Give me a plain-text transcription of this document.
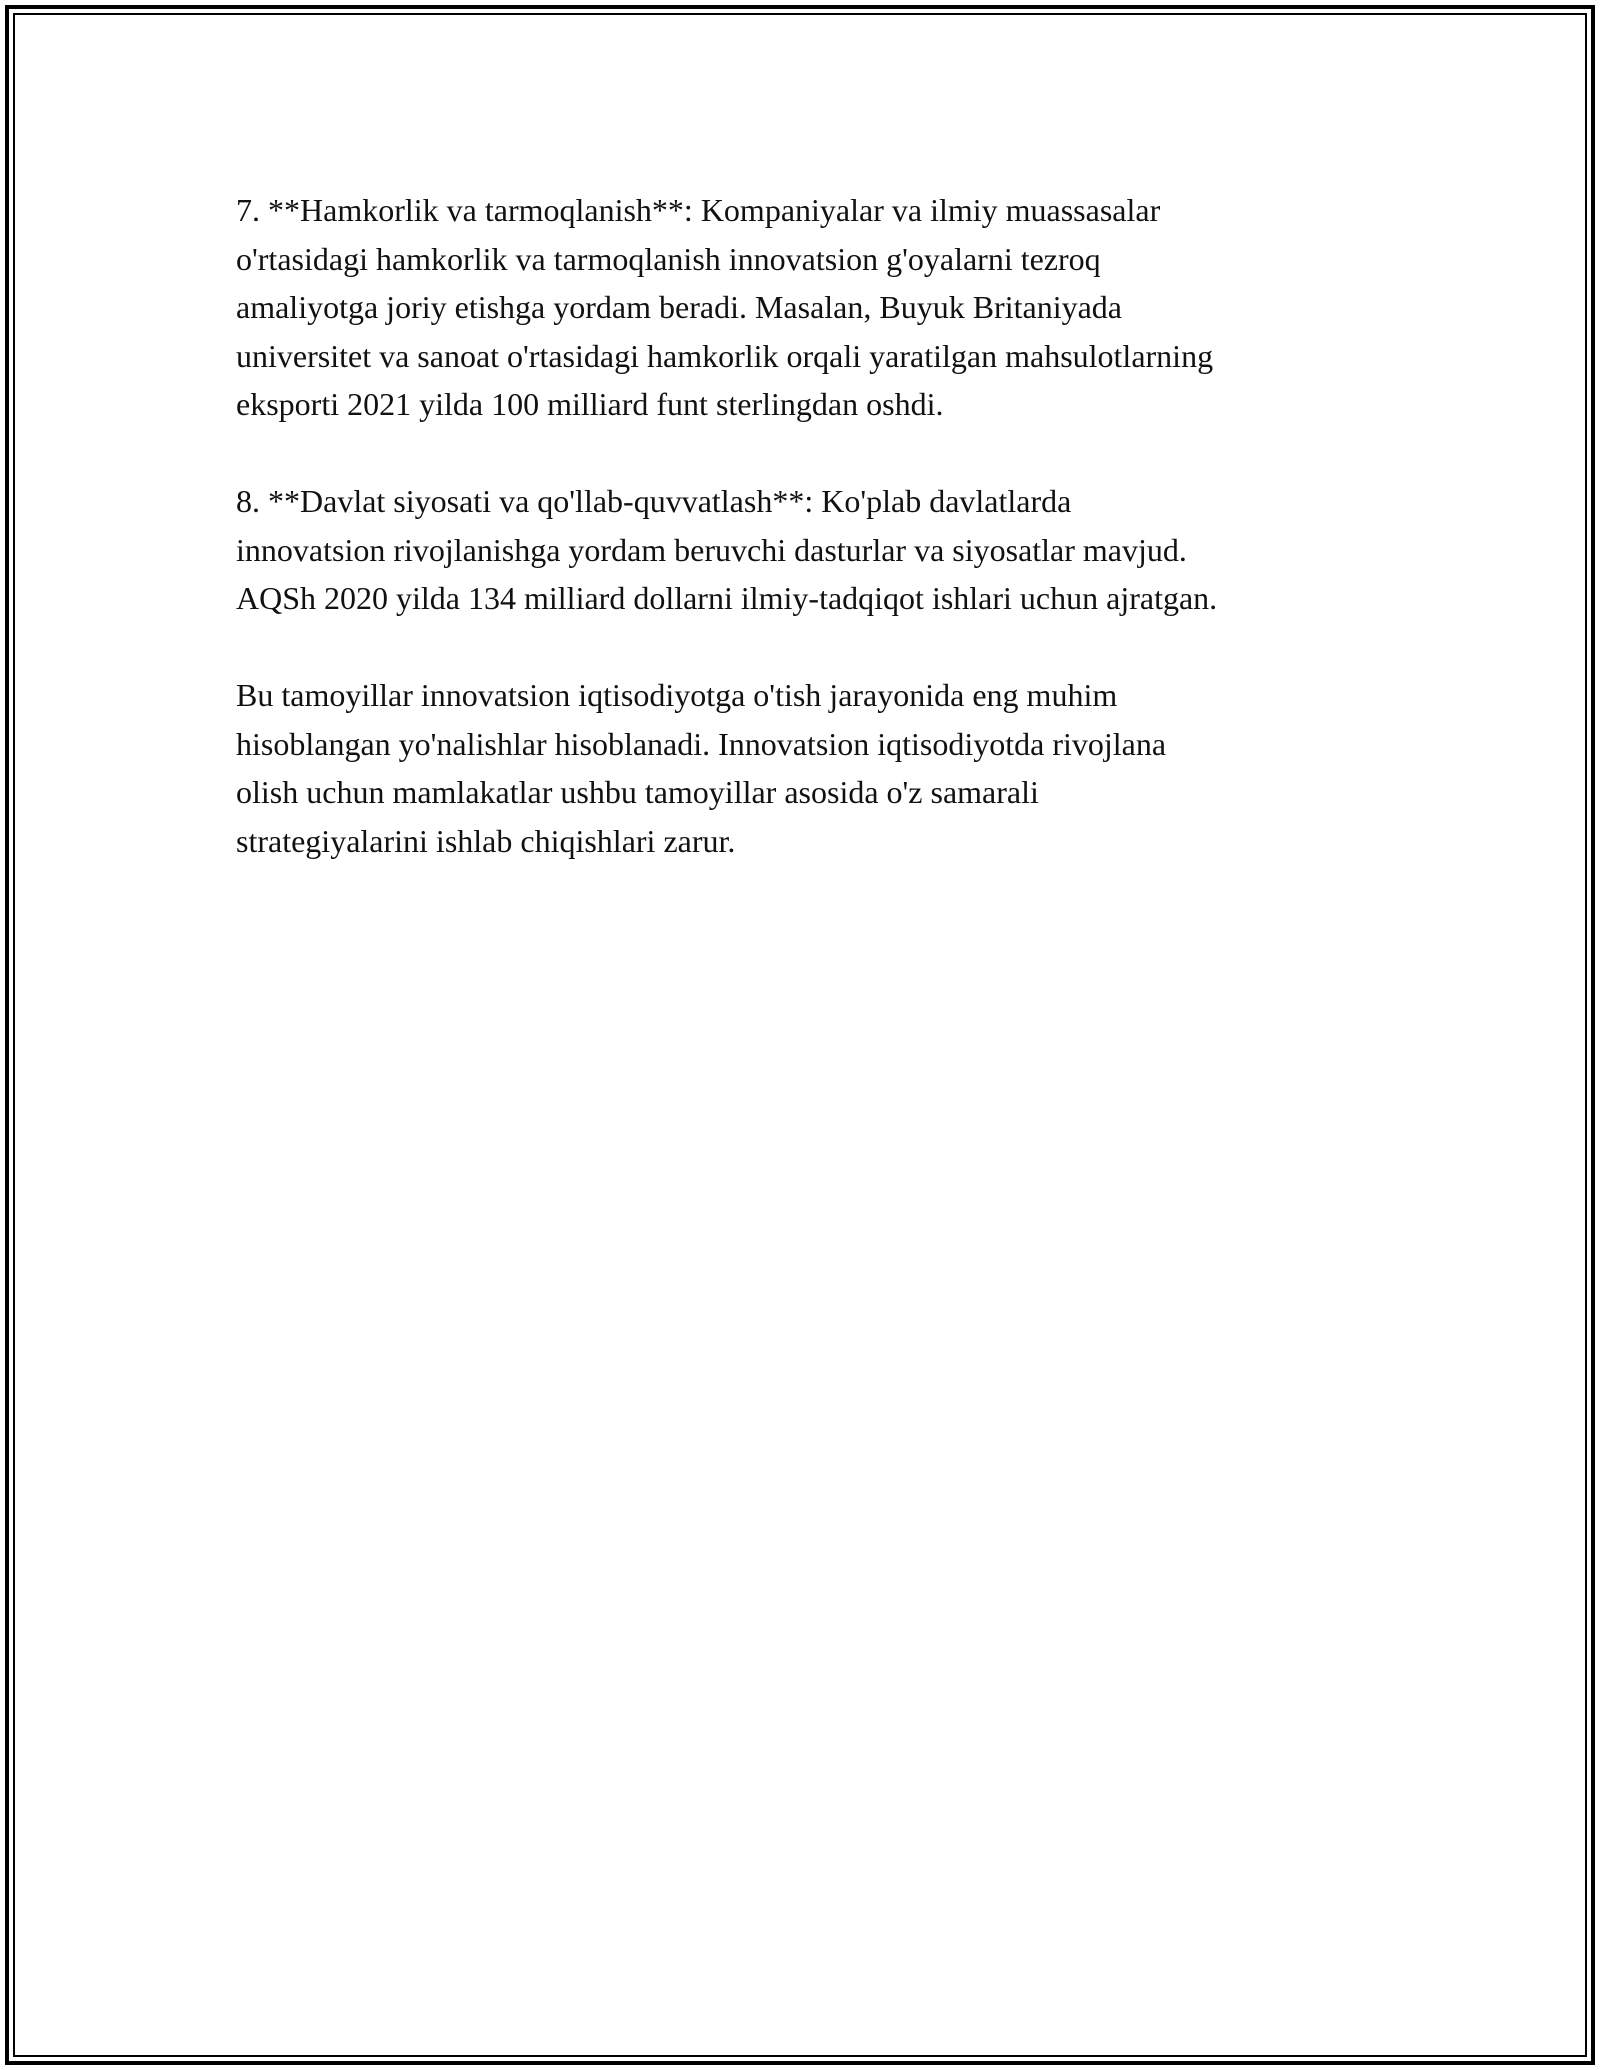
7. **Hamkorlik va tarmoqlanish**: Kompaniyalar va ilmiy muassasalar
o'rtasidagi hamkorlik va tarmoqlanish innovatsion g'oyalarni tezroq
amaliyotga joriy etishga yordam beradi. Masalan, Buyuk Britaniyada
universitet va sanoat o'rtasidagi hamkorlik orqali yaratilgan mahsulotlarning
eksporti 2021 yilda 100 milliard funt sterlingdan oshdi.
8. **Davlat siyosati va qo'llab-quvvatlash**: Ko'plab davlatlarda
innovatsion rivojlanishga yordam beruvchi dasturlar va siyosatlar mavjud.
AQSh 2020 yilda 134 milliard dollarni ilmiy-tadqiqot ishlari uchun ajratgan.
Bu tamoyillar innovatsion iqtisodiyotga o'tish jarayonida eng muhim
hisoblangan yo'nalishlar hisoblanadi. Innovatsion iqtisodiyotda rivojlana
olish uchun mamlakatlar ushbu tamoyillar asosida o'z samarali
strategiyalarini ishlab chiqishlari zarur.
